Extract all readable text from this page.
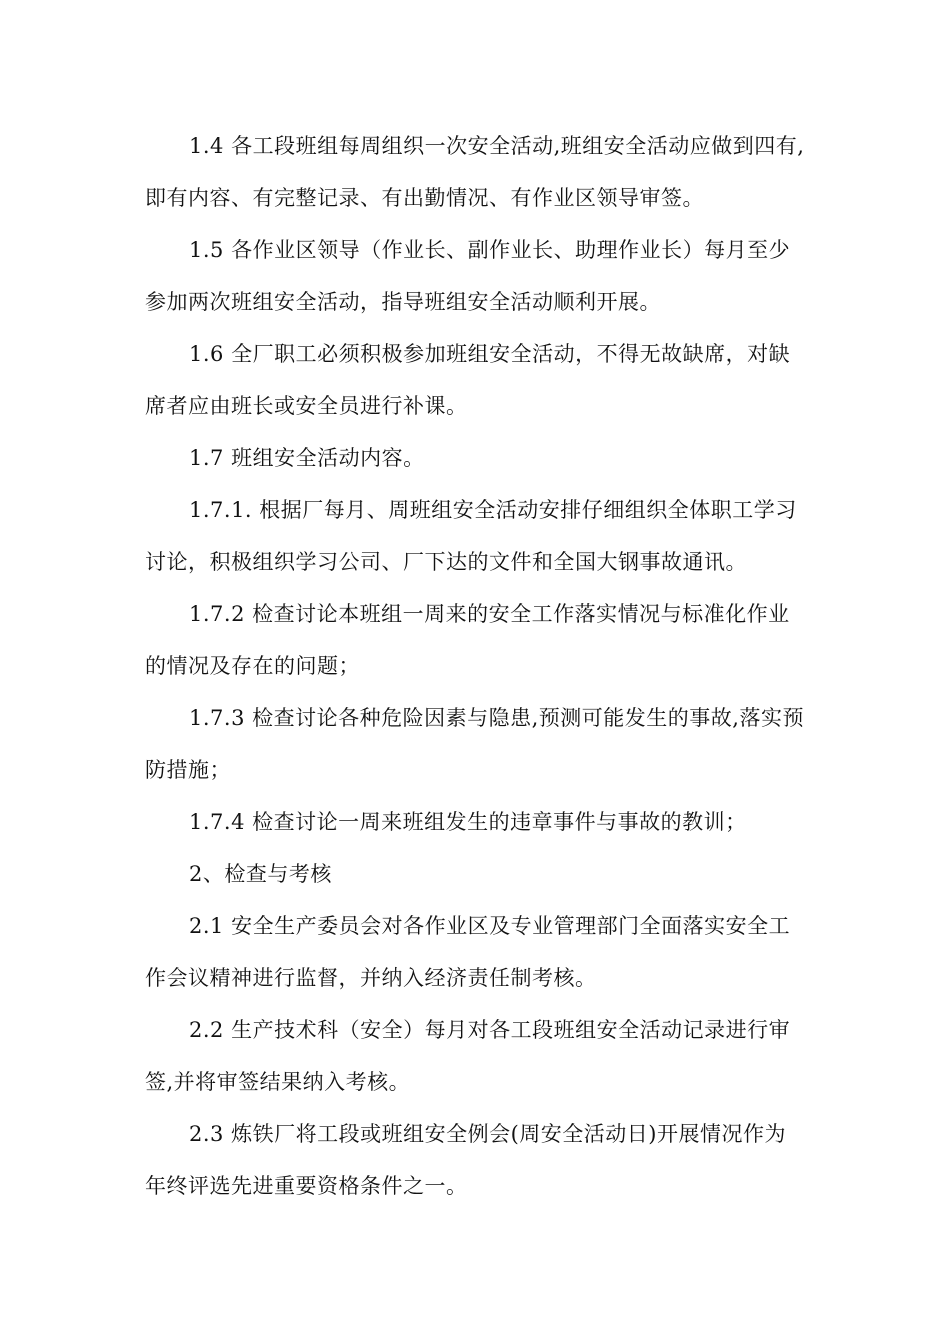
1.4 各工段班组每周组织一次安全活动,班组安全活动应做到四有,即有内容、有完整记录、有出勤情况、有作业区领导审签。

1.5 各作业区领导（作业长、副作业长、助理作业长）每月至少参加两次班组安全活动，指导班组安全活动顺利开展。

1.6 全厂职工必须积极参加班组安全活动，不得无故缺席，对缺席者应由班长或安全员进行补课。

1.7 班组安全活动内容。

1.7.1. 根据厂每月、周班组安全活动安排仔细组织全体职工学习讨论，积极组织学习公司、厂下达的文件和全国大钢事故通讯。

1.7.2 检查讨论本班组一周来的安全工作落实情况与标准化作业的情况及存在的问题；

1.7.3 检查讨论各种危险因素与隐患,预测可能发生的事故,落实预防措施；

1.7.4 检查讨论一周来班组发生的违章事件与事故的教训；

2、检查与考核

2.1 安全生产委员会对各作业区及专业管理部门全面落实安全工作会议精神进行监督，并纳入经济责任制考核。

2.2 生产技术科（安全）每月对各工段班组安全活动记录进行审签,并将审签结果纳入考核。

2.3 炼铁厂将工段或班组安全例会(周安全活动日)开展情况作为年终评选先进重要资格条件之一。
